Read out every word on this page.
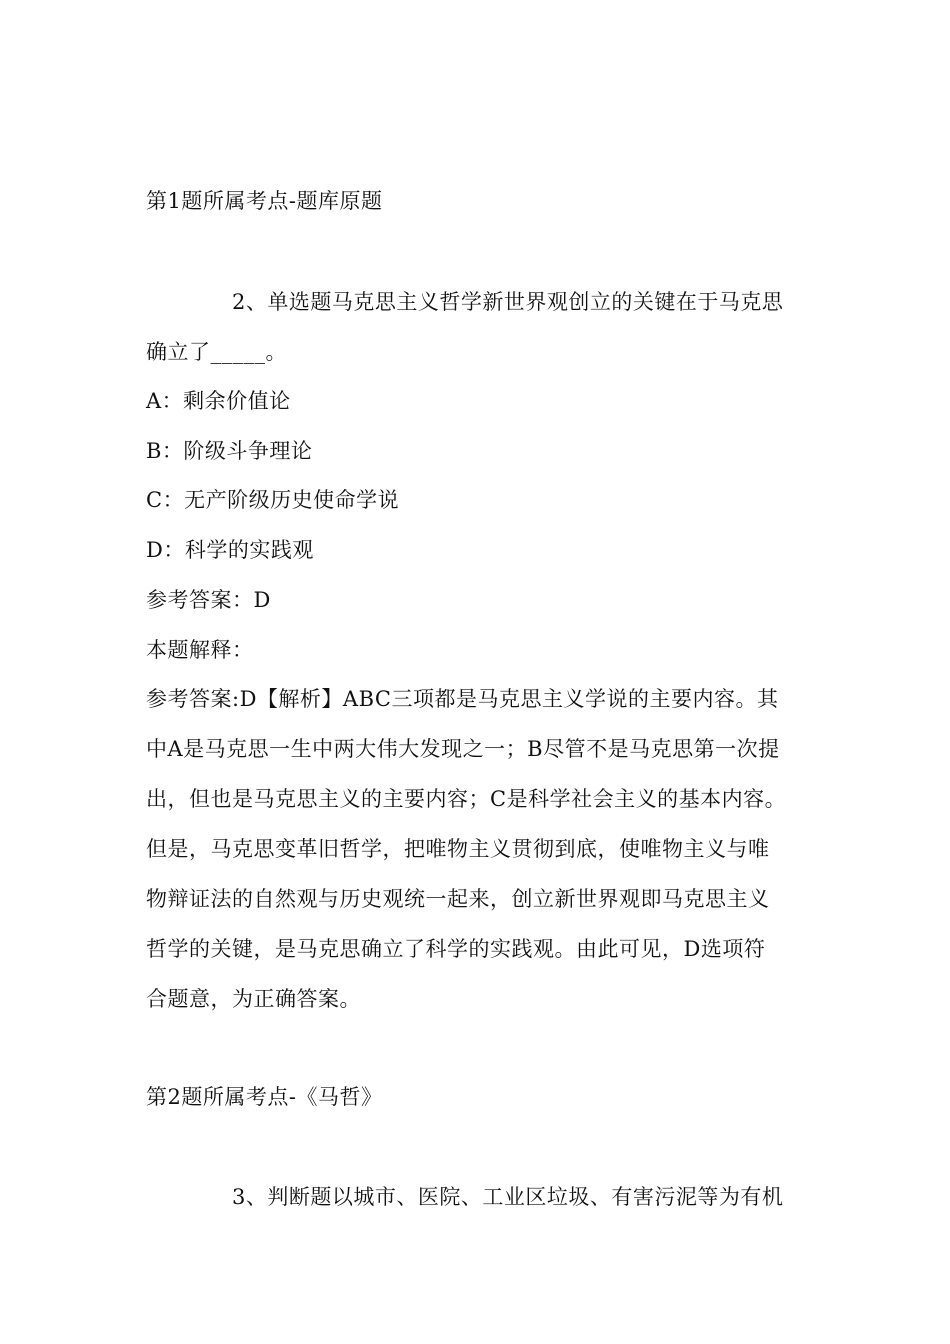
第1题所属考点-题库原题
2、单选题马克思主义哲学新世界观创立的关键在于马克思
确立了_____。
A：剩余价值论
B：阶级斗争理论
C：无产阶级历史使命学说
D：科学的实践观
参考答案：D
本题解释：
参考答案:D【解析】ABC三项都是马克思主义学说的主要内容。其
中A是马克思一生中两大伟大发现之一；B尽管不是马克思第一次提
出，但也是马克思主义的主要内容；C是科学社会主义的基本内容。
但是，马克思变革旧哲学，把唯物主义贯彻到底，使唯物主义与唯
物辩证法的自然观与历史观统一起来，创立新世界观即马克思主义
哲学的关键，是马克思确立了科学的实践观。由此可见，D选项符
合题意，为正确答案。
第2题所属考点-《马哲》
3、判断题以城市、医院、工业区垃圾、有害污泥等为有机
